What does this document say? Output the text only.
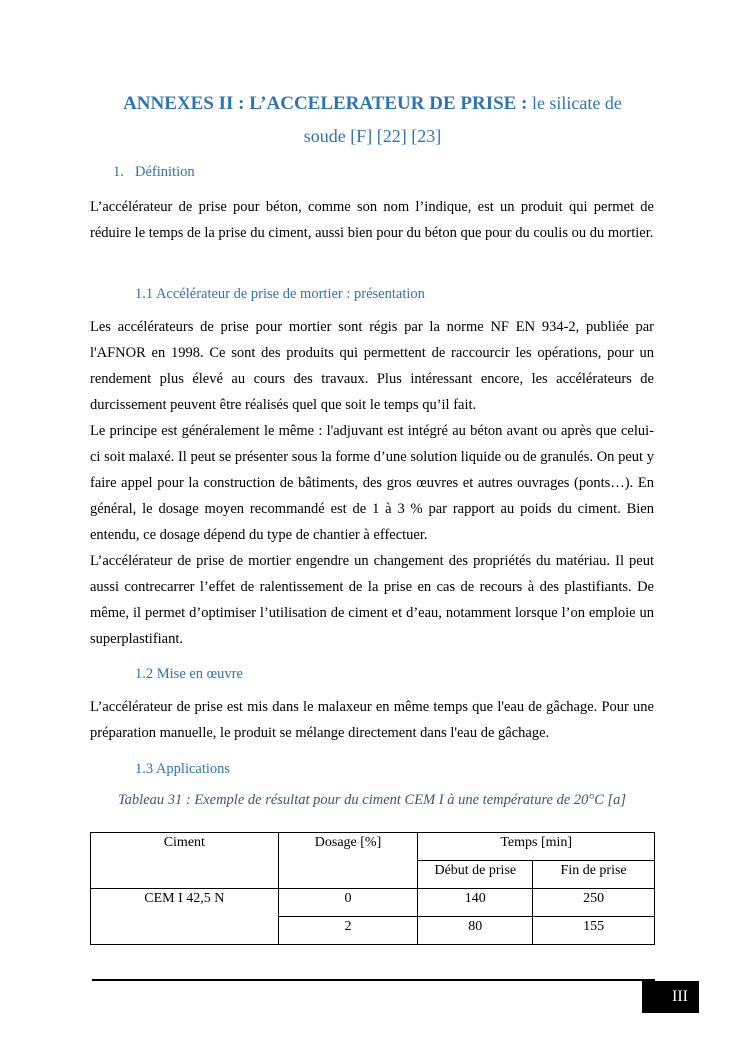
ANNEXES II : L’ACCELERATEUR DE PRISE : le silicate de
soude [F] [22] [23]
1. Définition

L’accélérateur de prise pour béton, comme son nom l’indique, est un produit qui permet de réduire le temps de la prise du ciment, aussi bien pour du béton que pour du coulis ou du mortier.

1.1 Accélérateur de prise de mortier : présentation

Les accélérateurs de prise pour mortier sont régis par la norme NF EN 934-2, publiée par l'AFNOR en 1998. Ce sont des produits qui permettent de raccourcir les opérations, pour un rendement plus élevé au cours des travaux. Plus intéressant encore, les accélérateurs de durcissement peuvent être réalisés quel que soit le temps qu’il fait.

Le principe est généralement le même : l'adjuvant est intégré au béton avant ou après que celui-ci soit malaxé. Il peut se présenter sous la forme d’une solution liquide ou de granulés. On peut y faire appel pour la construction de bâtiments, des gros œuvres et autres ouvrages (ponts…). En général, le dosage moyen recommandé est de 1 à 3 % par rapport au poids du ciment. Bien entendu, ce dosage dépend du type de chantier à effectuer.

L’accélérateur de prise de mortier engendre un changement des propriétés du matériau. Il peut aussi contrecarrer l’effet de ralentissement de la prise en cas de recours à des plastifiants. De même, il permet d’optimiser l’utilisation de ciment et d’eau, notamment lorsque l’on emploie un superplastifiant.

1.2 Mise en œuvre

L’accélérateur de prise est mis dans le malaxeur en même temps que l'eau de gâchage. Pour une préparation manuelle, le produit se mélange directement dans l'eau de gâchage.

1.3 Applications
Tableau 31 : Exemple de résultat pour du ciment CEM I à une température de 20°C [a]
Ciment	Dosage [%]	Temps [min]	
		Début de prise	Fin de prise
CEM I 42,5 N	0	140	250
	2	80	155
III
